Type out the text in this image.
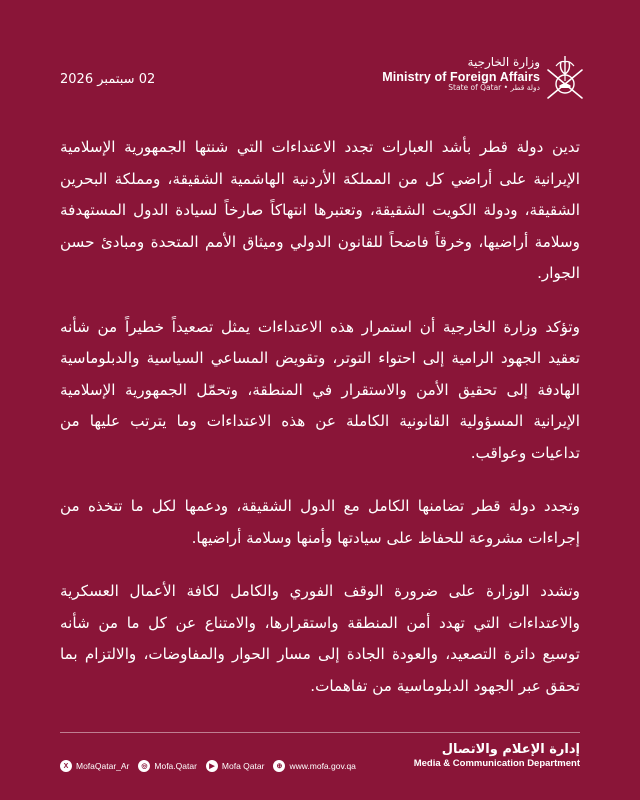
02 سبتمبر 2026
وزارة الخارجية
Ministry of Foreign Affairs
State of Qatar • دولة قطر

تدين دولة قطر بأشد العبارات تجدد الاعتداءات التي شنتها الجمهورية الإسلامية الإيرانية على أراضي كل من المملكة الأردنية الهاشمية الشقيقة، ومملكة البحرين الشقيقة، ودولة الكويت الشقيقة، وتعتبرها انتهاكاً صارخاً لسيادة الدول المستهدفة وسلامة أراضيها، وخرقاً فاضحاً للقانون الدولي وميثاق الأمم المتحدة ومبادئ حسن الجوار.

وتؤكد وزارة الخارجية أن استمرار هذه الاعتداءات يمثل تصعيداً خطيراً من شأنه تعقيد الجهود الرامية إلى احتواء التوتر، وتقويض المساعي السياسية والدبلوماسية الهادفة إلى تحقيق الأمن والاستقرار في المنطقة، وتحمّل الجمهورية الإسلامية الإيرانية المسؤولية القانونية الكاملة عن هذه الاعتداءات وما يترتب عليها من تداعيات وعواقب.

وتجدد دولة قطر تضامنها الكامل مع الدول الشقيقة، ودعمها لكل ما تتخذه من إجراءات مشروعة للحفاظ على سيادتها وأمنها وسلامة أراضيها.

وتشدد الوزارة على ضرورة الوقف الفوري والكامل لكافة الأعمال العسكرية والاعتداءات التي تهدد أمن المنطقة واستقرارها، والامتناع عن كل ما من شأنه توسيع دائرة التصعيد، والعودة الجادة إلى مسار الحوار والمفاوضات، والالتزام بما تحقق عبر الجهود الدبلوماسية من تفاهمات.

إدارة الإعلام والاتصال
Media & Communication Department
X MofaQatar_Ar	◎ Mofa.Qatar	▶ Mofa Qatar	⊕ www.mofa.gov.qa
